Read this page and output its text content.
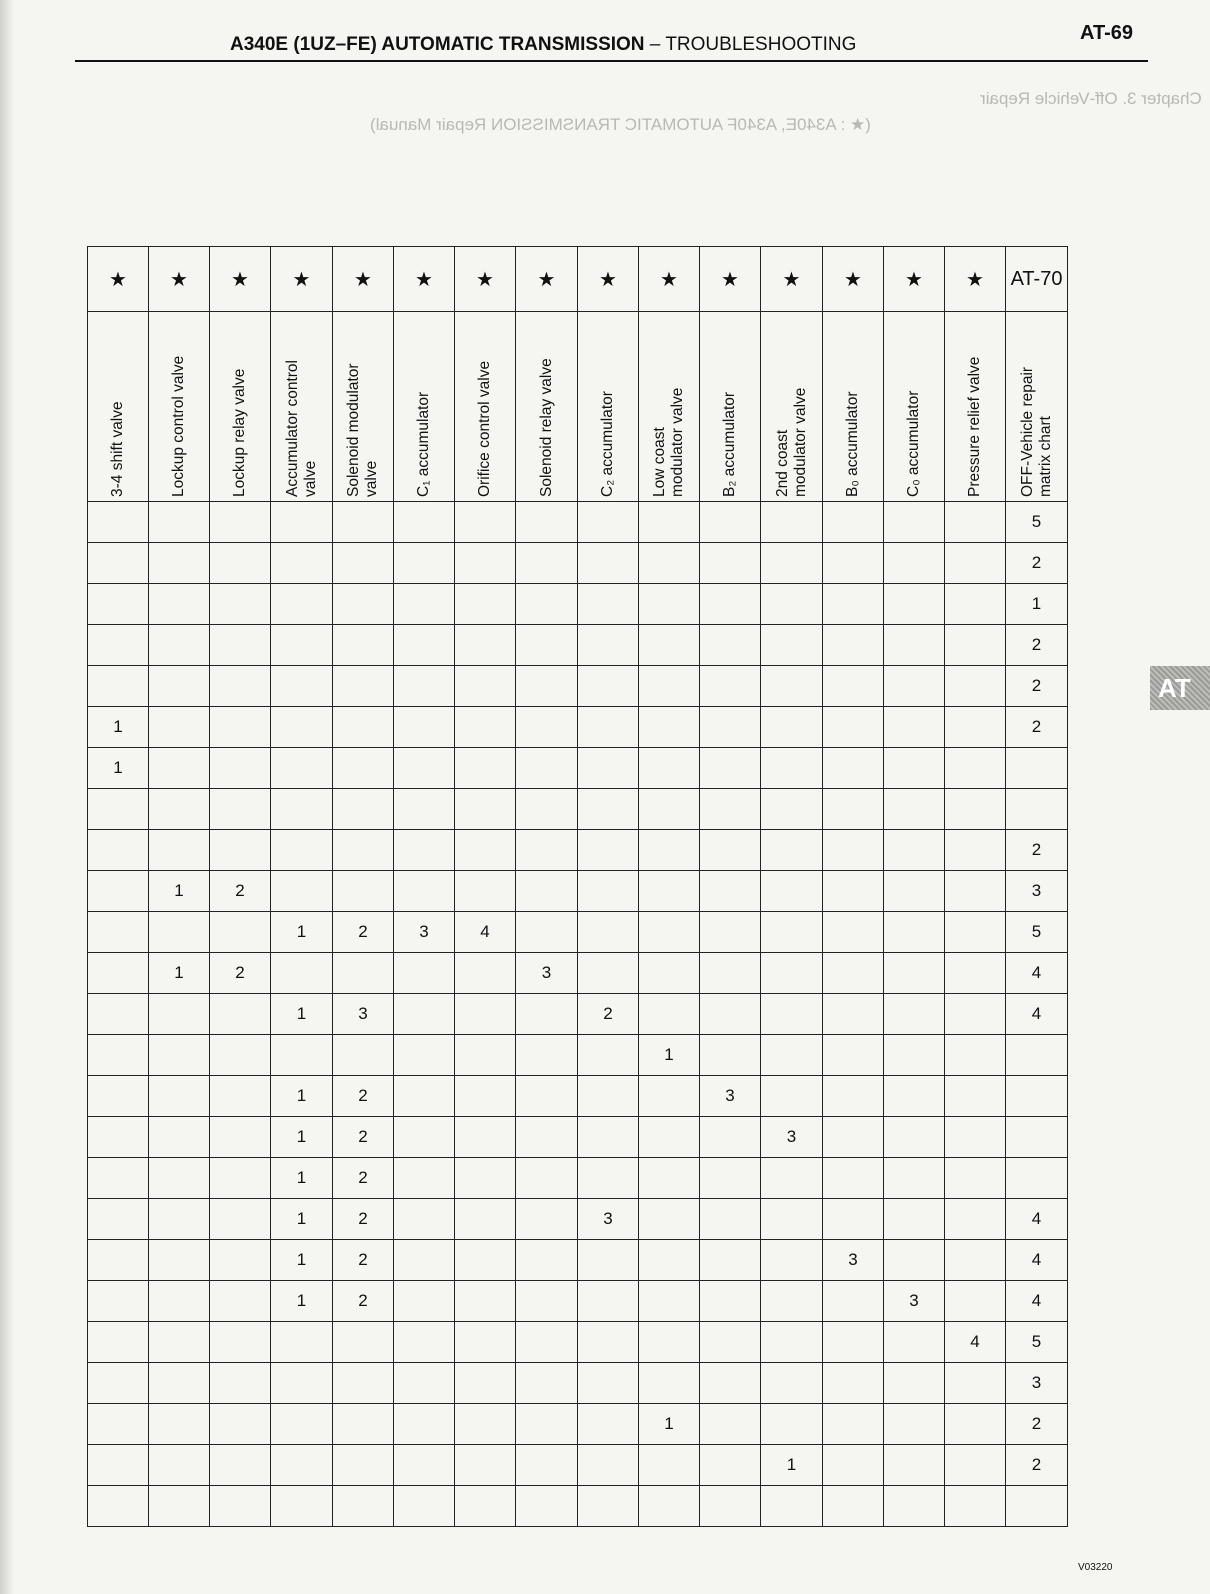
A340E (1UZ–FE) AUTOMATIC TRANSMISSION – TROUBLESHOOTING
AT-69
Chapter 3. Off-Vehicle Repair
(★ : A340E, A340F AUTOMATIC TRANSMISSION Repair Manual)
AT
★	★	★	★	★	★	★	★	★	★	★	★	★	★	★	AT-70

3-4 shift valve	Lockup control valve	Lockup relay valve	Accumulator control
valve	Solenoid modulator
valve	C₁ accumulator	Orifice control valve	Solenoid relay valve	C₂ accumulator	Low coast
modulator valve	B₂ accumulator	2nd coast
modulator valve	B₀ accumulator	C₀ accumulator	Pressure relief valve	OFF-Vehicle repair
matrix chart

															5
															2
															1
															2
															2
1															2
1															

															2
	1	2													3
			1	2	3	4									5
	1	2					3								4
			1	3				2							4
									1						
			1	2						3					
			1	2							3				
			1	2											
			1	2				3							4
			1	2								3			4
			1	2									3		4
														4	5
															3
									1						2
											1				2

V03220
